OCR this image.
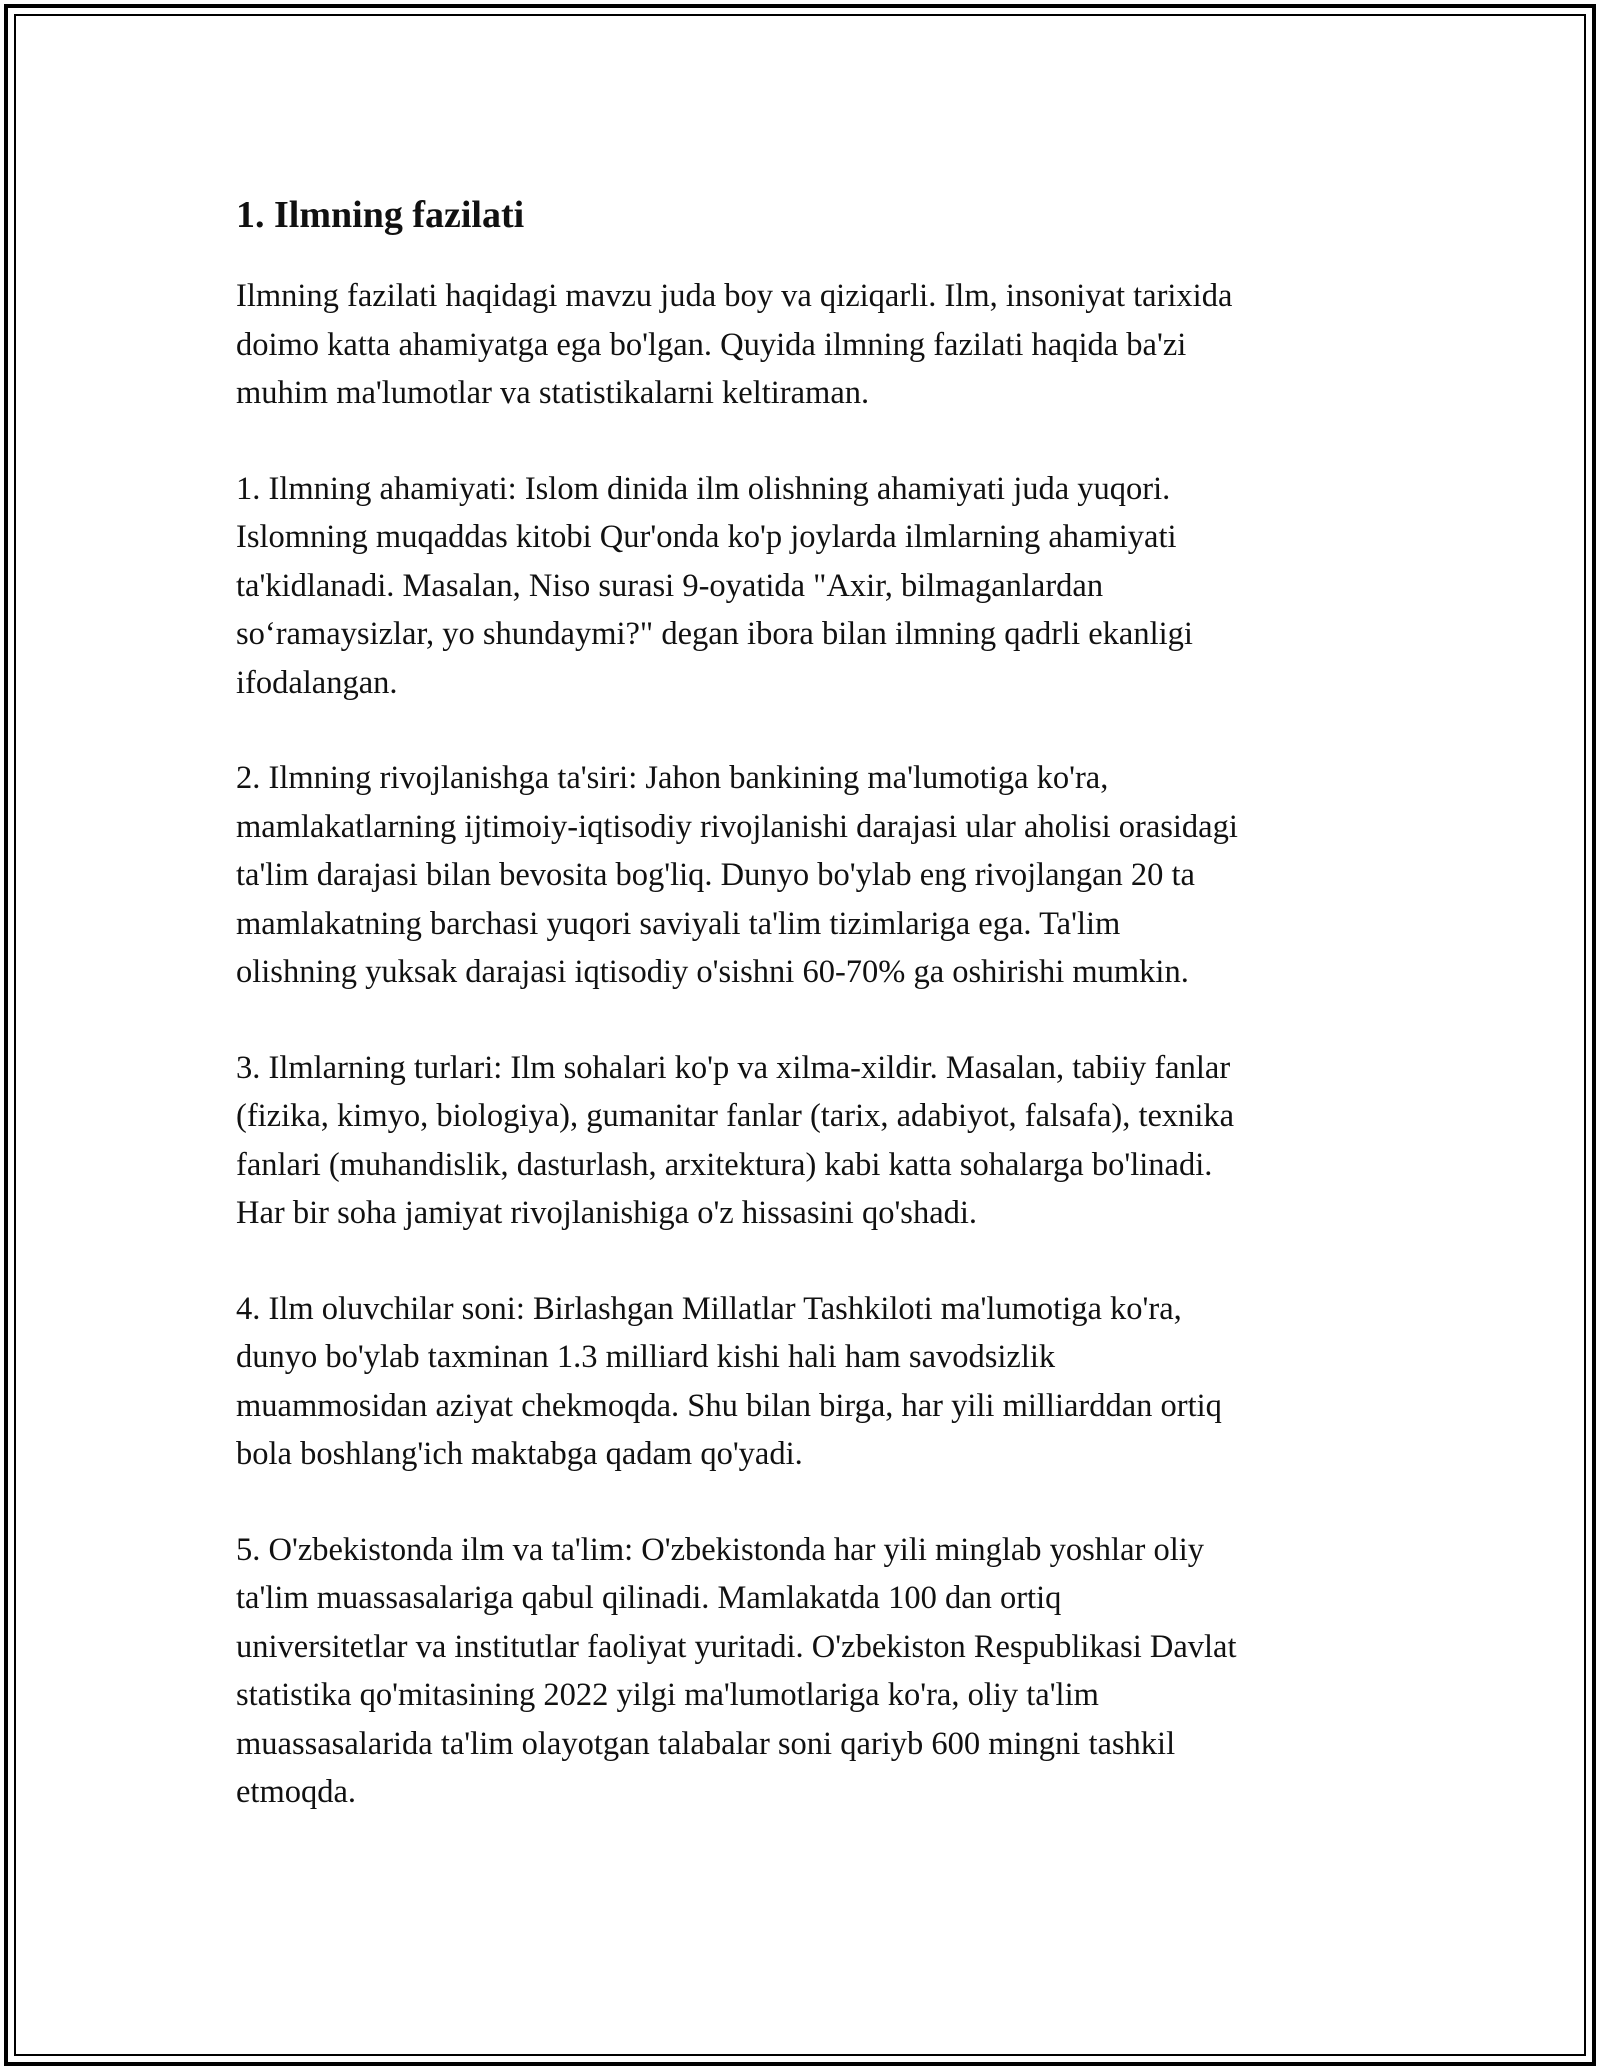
1. Ilmning fazilati
Ilmning fazilati haqidagi mavzu juda boy va qiziqarli. Ilm, insoniyat tarixida
doimo katta ahamiyatga ega bo'lgan. Quyida ilmning fazilati haqida ba'zi
muhim ma'lumotlar va statistikalarni keltiraman.
1. Ilmning ahamiyati: Islom dinida ilm olishning ahamiyati juda yuqori.
Islomning muqaddas kitobi Qur'onda ko'p joylarda ilmlarning ahamiyati
ta'kidlanadi. Masalan, Niso surasi 9-oyatida "Axir, bilmaganlardan
so‘ramaysizlar, yo shundaymi?" degan ibora bilan ilmning qadrli ekanligi
ifodalangan.
2. Ilmning rivojlanishga ta'siri: Jahon bankining ma'lumotiga ko'ra,
mamlakatlarning ijtimoiy-iqtisodiy rivojlanishi darajasi ular aholisi orasidagi
ta'lim darajasi bilan bevosita bog'liq. Dunyo bo'ylab eng rivojlangan 20 ta
mamlakatning barchasi yuqori saviyali ta'lim tizimlariga ega. Ta'lim
olishning yuksak darajasi iqtisodiy o'sishni 60-70% ga oshirishi mumkin.
3. Ilmlarning turlari: Ilm sohalari ko'p va xilma-xildir. Masalan, tabiiy fanlar
(fizika, kimyo, biologiya), gumanitar fanlar (tarix, adabiyot, falsafa), texnika
fanlari (muhandislik, dasturlash, arxitektura) kabi katta sohalarga bo'linadi.
Har bir soha jamiyat rivojlanishiga o'z hissasini qo'shadi.
4. Ilm oluvchilar soni: Birlashgan Millatlar Tashkiloti ma'lumotiga ko'ra,
dunyo bo'ylab taxminan 1.3 milliard kishi hali ham savodsizlik
muammosidan aziyat chekmoqda. Shu bilan birga, har yili milliarddan ortiq
bola boshlang'ich maktabga qadam qo'yadi.
5. O'zbekistonda ilm va ta'lim: O'zbekistonda har yili minglab yoshlar oliy
ta'lim muassasalariga qabul qilinadi. Mamlakatda 100 dan ortiq
universitetlar va institutlar faoliyat yuritadi. O'zbekiston Respublikasi Davlat
statistika qo'mitasining 2022 yilgi ma'lumotlariga ko'ra, oliy ta'lim
muassasalarida ta'lim olayotgan talabalar soni qariyb 600 mingni tashkil
etmoqda.
